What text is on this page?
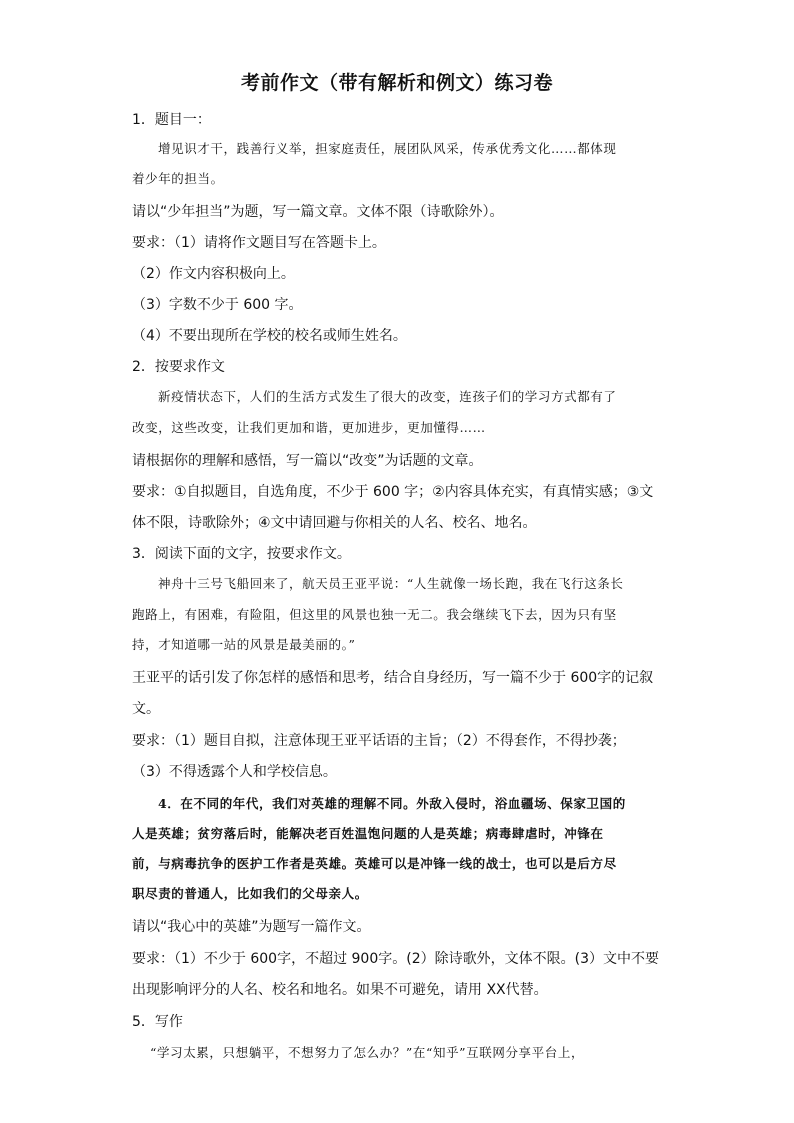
考前作文（带有解析和例文）练习卷
1．题目一：
增见识才干，践善行义举，担家庭责任，展团队风采，传承优秀文化……都体现
着少年的担当。
请以“少年担当”为题，写一篇文章。文体不限（诗歌除外）。
要求：（1）请将作文题目写在答题卡上。
（2）作文内容积极向上。
（3）字数不少于 600 字。
（4）不要出现所在学校的校名或师生姓名。
2．按要求作文
新疫情状态下，人们的生活方式发生了很大的改变，连孩子们的学习方式都有了
改变，这些改变，让我们更加和谐，更加进步，更加懂得……
请根据你的理解和感悟，写一篇以“改变”为话题的文章。
要求：①自拟题目，自选角度，不少于 600 字；②内容具体充实，有真情实感；③文
体不限，诗歌除外；④文中请回避与你相关的人名、校名、地名。
3．阅读下面的文字，按要求作文。
神舟十三号飞船回来了，航天员王亚平说：“人生就像一场长跑，我在飞行这条长
跑路上，有困难，有险阻，但这里的风景也独一无二。我会继续飞下去，因为只有坚
持，才知道哪一站的风景是最美丽的。”
王亚平的话引发了你怎样的感悟和思考，结合自身经历，写一篇不少于 600字的记叙
文。
要求：（1）题目自拟，注意体现王亚平话语的主旨；（2）不得套作，不得抄袭；
（3）不得透露个人和学校信息。
4．在不同的年代，我们对英雄的理解不同。外敌入侵时，浴血疆场、保家卫国的
人是英雄；贫穷落后时，能解决老百姓温饱问题的人是英雄；病毒肆虐时，冲锋在
前，与病毒抗争的医护工作者是英雄。英雄可以是冲锋一线的战士，也可以是后方尽
职尽责的普通人，比如我们的父母亲人。
请以“我心中的英雄”为题写一篇作文。
要求：（1）不少于 600字，不超过 900字。(2）除诗歌外，文体不限。(3）文中不要
出现影响评分的人名、校名和地名。如果不可避免，请用 XX代替。
5．写作
“学习太累，只想躺平，不想努力了怎么办？”在“知乎”互联网分享平台上，
